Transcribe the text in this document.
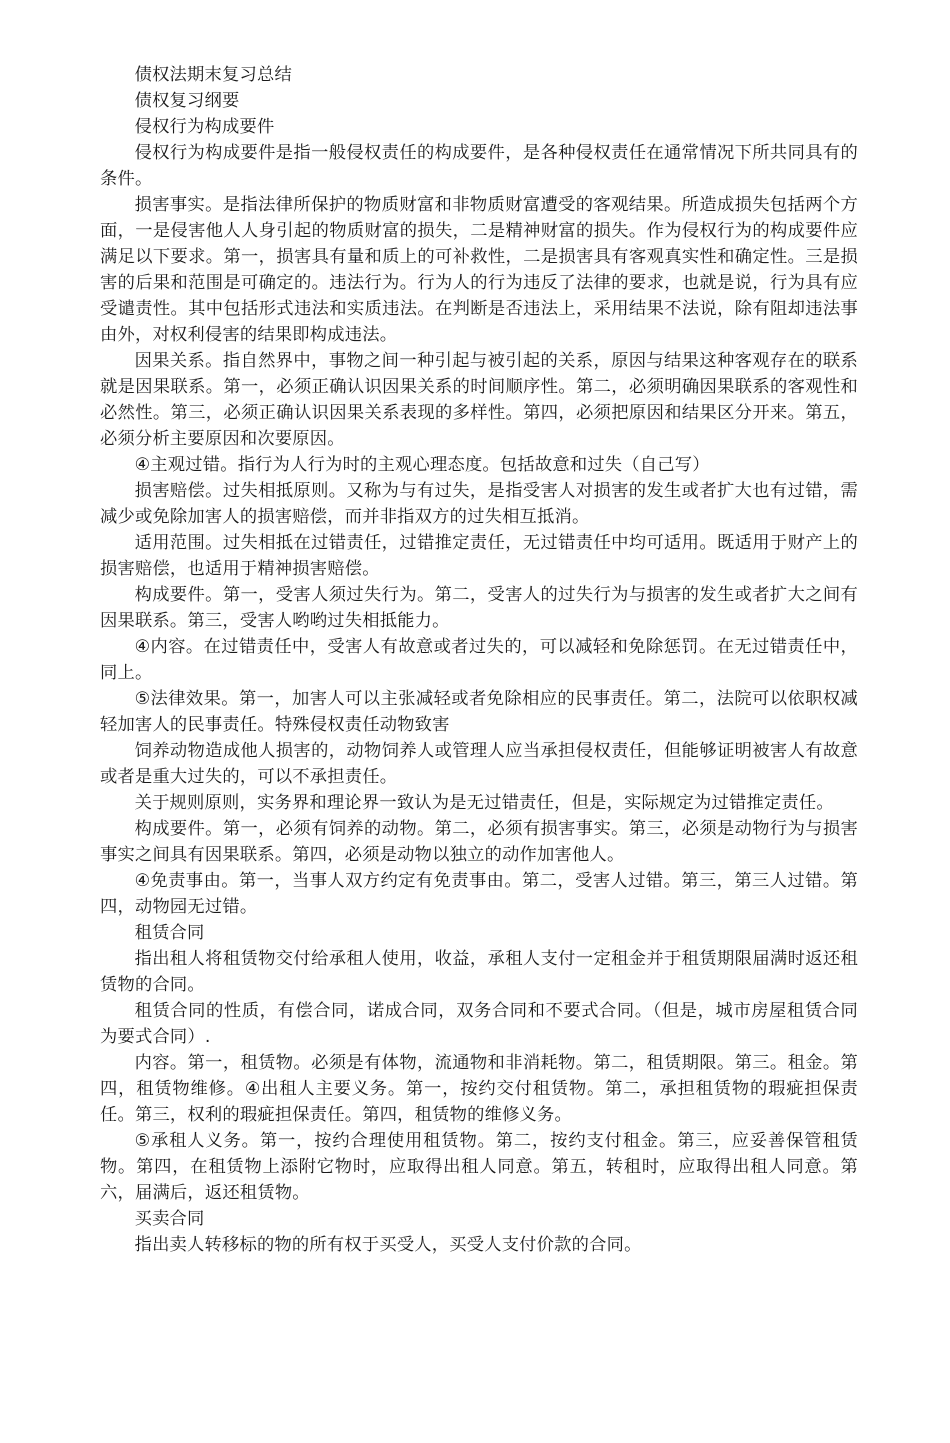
债权法期末复习总结

债权复习纲要

侵权行为构成要件

侵权行为构成要件是指一般侵权责任的构成要件，是各种侵权责任在通常情况下所共同具有的条件。

损害事实。是指法律所保护的物质财富和非物质财富遭受的客观结果。所造成损失包括两个方面，一是侵害他人人身引起的物质财富的损失，二是精神财富的损失。作为侵权行为的构成要件应满足以下要求。第一，损害具有量和质上的可补救性，二是损害具有客观真实性和确定性。三是损害的后果和范围是可确定的。违法行为。行为人的行为违反了法律的要求，也就是说，行为具有应受谴责性。其中包括形式违法和实质违法。在判断是否违法上，采用结果不法说，除有阻却违法事由外，对权利侵害的结果即构成违法。

因果关系。指自然界中，事物之间一种引起与被引起的关系，原因与结果这种客观存在的联系就是因果联系。第一，必须正确认识因果关系的时间顺序性。第二，必须明确因果联系的客观性和必然性。第三，必须正确认识因果关系表现的多样性。第四，必须把原因和结果区分开来。第五，必须分析主要原因和次要原因。

④主观过错。指行为人行为时的主观心理态度。包括故意和过失（自己写）

损害赔偿。过失相抵原则。又称为与有过失，是指受害人对损害的发生或者扩大也有过错，需减少或免除加害人的损害赔偿，而并非指双方的过失相互抵消。

适用范围。过失相抵在过错责任，过错推定责任，无过错责任中均可适用。既适用于财产上的损害赔偿，也适用于精神损害赔偿。

构成要件。第一，受害人须过失行为。第二，受害人的过失行为与损害的发生或者扩大之间有因果联系。第三，受害人哟哟过失相抵能力。

④内容。在过错责任中，受害人有故意或者过失的，可以减轻和免除惩罚。在无过错责任中，同上。

⑤法律效果。第一，加害人可以主张减轻或者免除相应的民事责任。第二，法院可以依职权减轻加害人的民事责任。特殊侵权责任动物致害

饲养动物造成他人损害的，动物饲养人或管理人应当承担侵权责任，但能够证明被害人有故意或者是重大过失的，可以不承担责任。

关于规则原则，实务界和理论界一致认为是无过错责任，但是，实际规定为过错推定责任。

构成要件。第一，必须有饲养的动物。第二，必须有损害事实。第三，必须是动物行为与损害事实之间具有因果联系。第四，必须是动物以独立的动作加害他人。

④免责事由。第一，当事人双方约定有免责事由。第二，受害人过错。第三，第三人过错。第四，动物园无过错。

租赁合同

指出租人将租赁物交付给承租人使用，收益，承租人支付一定租金并于租赁期限届满时返还租赁物的合同。

租赁合同的性质，有偿合同，诺成合同，双务合同和不要式合同。（但是，城市房屋租赁合同为要式合同）.

内容。第一，租赁物。必须是有体物，流通物和非消耗物。第二，租赁期限。第三。租金。第四，租赁物维修。④出租人主要义务。第一，按约交付租赁物。第二，承担租赁物的瑕疵担保责任。第三，权利的瑕疵担保责任。第四，租赁物的维修义务。

⑤承租人义务。第一，按约合理使用租赁物。第二，按约支付租金。第三，应妥善保管租赁物。第四，在租赁物上添附它物时，应取得出租人同意。第五，转租时，应取得出租人同意。第六，届满后，返还租赁物。

买卖合同

指出卖人转移标的物的所有权于买受人，买受人支付价款的合同。
